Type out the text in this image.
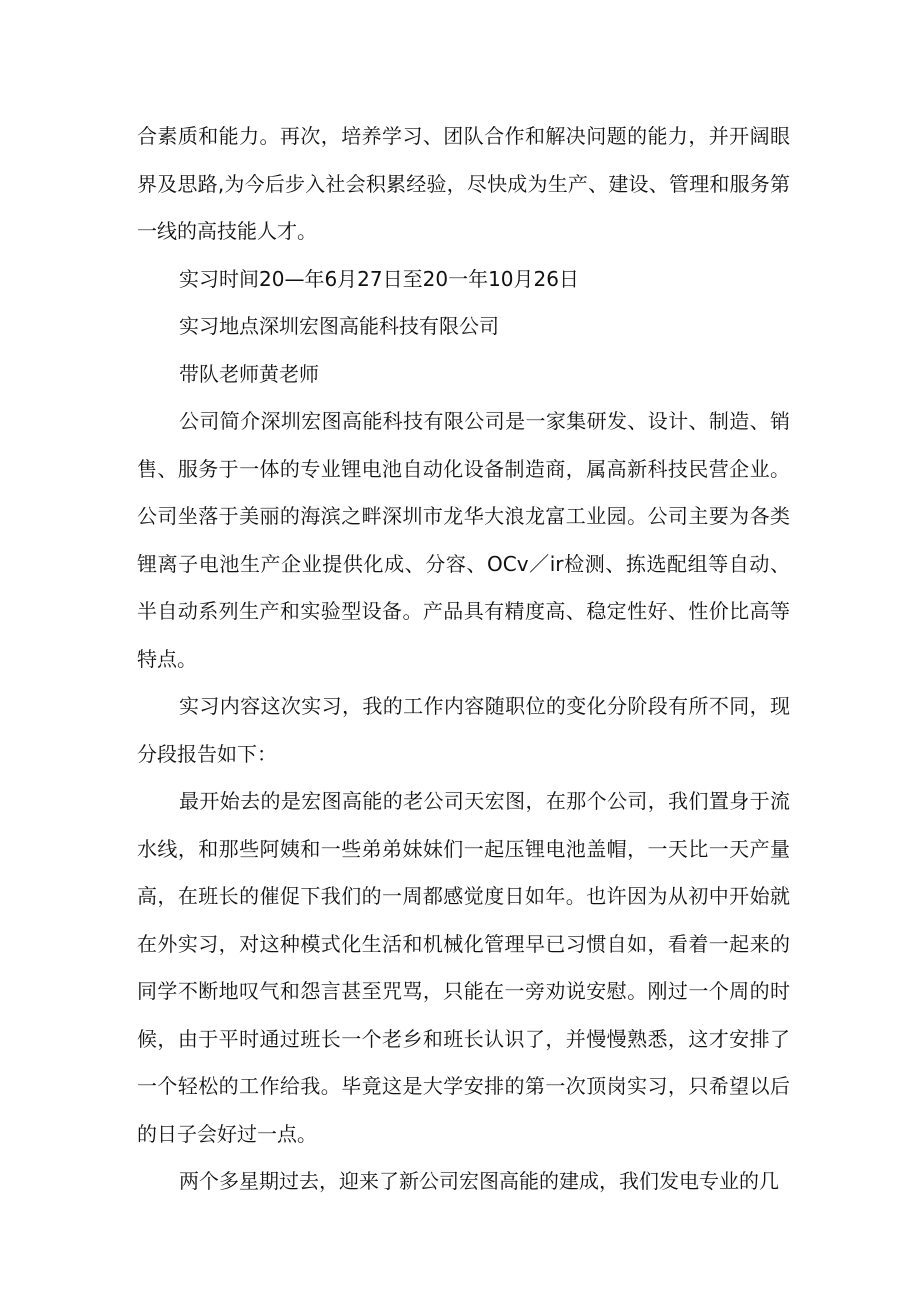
合素质和能力。再次，培养学习、团队合作和解决问题的能力，并开阔眼界及思路,为今后步入社会积累经验，尽快成为生产、建设、管理和服务第一线的高技能人才。

实习时间20—年6月27日至20一年10月26日

实习地点深圳宏图高能科技有限公司

带队老师黄老师

公司简介深圳宏图高能科技有限公司是一家集研发、设计、制造、销售、服务于一体的专业锂电池自动化设备制造商，属高新科技民营企业。公司坐落于美丽的海滨之畔深圳市龙华大浪龙富工业园。公司主要为各类锂离子电池生产企业提供化成、分容、OCv／ir检测、拣选配组等自动、半自动系列生产和实验型设备。产品具有精度高、稳定性好、性价比高等特点。

实习内容这次实习，我的工作内容随职位的变化分阶段有所不同，现分段报告如下：

最开始去的是宏图高能的老公司天宏图，在那个公司，我们置身于流水线，和那些阿姨和一些弟弟妹妹们一起压锂电池盖帽，一天比一天产量高，在班长的催促下我们的一周都感觉度日如年。也许因为从初中开始就在外实习，对这种模式化生活和机械化管理早已习惯自如，看着一起来的同学不断地叹气和怨言甚至咒骂，只能在一旁劝说安慰。刚过一个周的时候，由于平时通过班长一个老乡和班长认识了，并慢慢熟悉，这才安排了一个轻松的工作给我。毕竟这是大学安排的第一次顶岗实习，只希望以后的日子会好过一点。

两个多星期过去，迎来了新公司宏图高能的建成，我们发电专业的几
